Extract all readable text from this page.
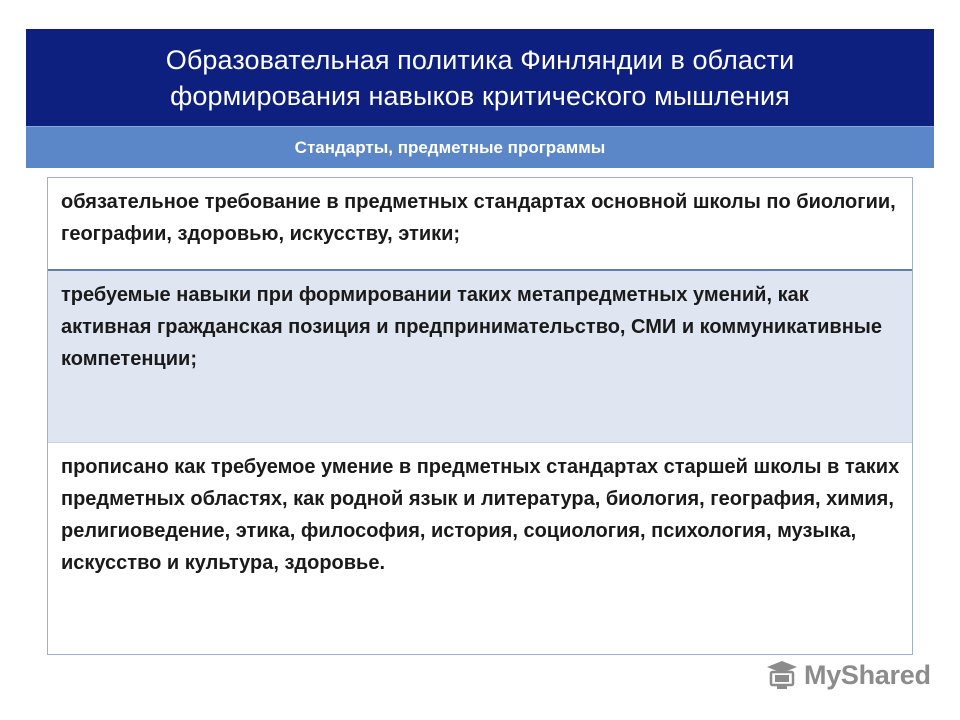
Образовательная политика Финляндии в области
формирования навыков критического мышления
Стандарты, предметные программы
обязательное требование в предметных стандартах основной школы по биологии, географии, здоровью, искусству, этики;
требуемые навыки при формировании таких метапредметных умений, как активная гражданская позиция и предпринимательство, СМИ и коммуникативные компетенции;
прописано как требуемое умение в предметных стандартах старшей школы в таких предметных областях, как родной язык и литература, биология, география, химия, религиоведение, этика, философия, история, социология, психология, музыка, искусство и культура, здоровье.
MyShared
